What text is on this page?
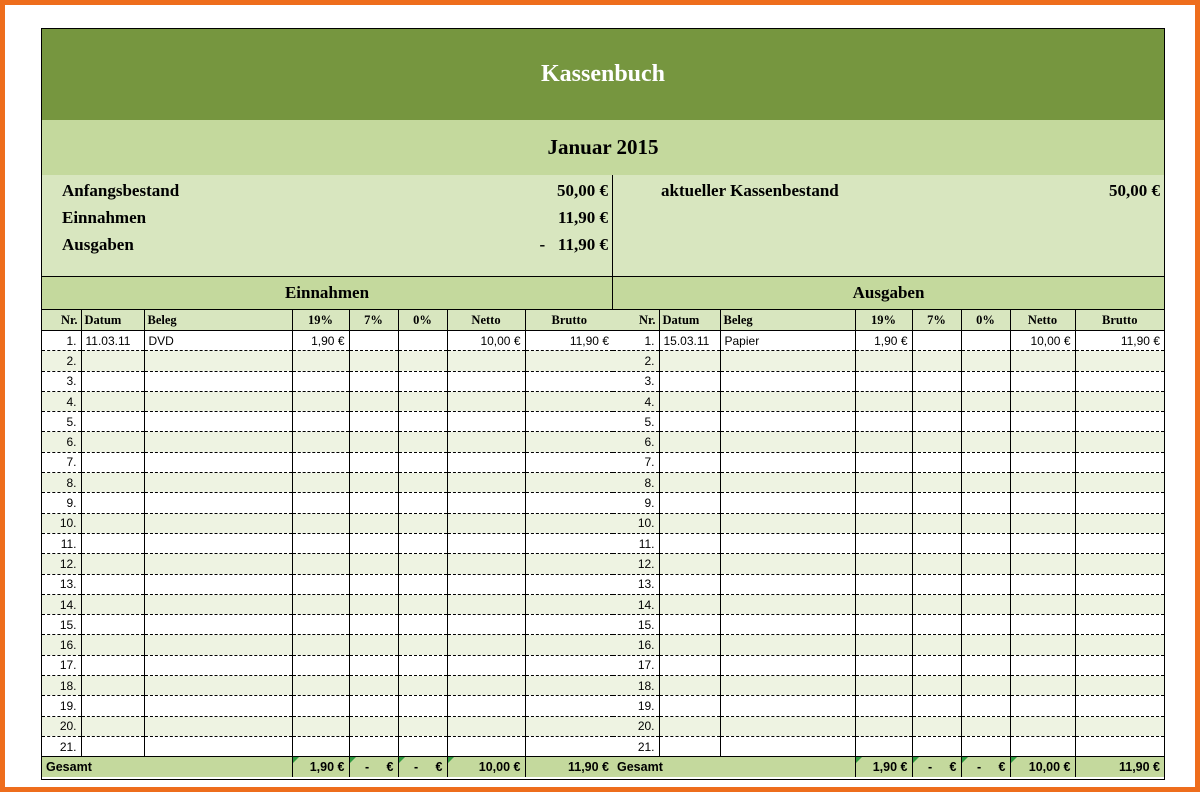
Kassenbuch
Januar 2015
Anfangsbestand	50,00 €
Einnahmen	11,90 €
Ausgaben	-   11,90 €
aktueller Kassenbestand	50,00 €
Einnahmen	Ausgaben
Nr.	Datum	Beleg	19%	7%	0%	Netto	Brutto
1.	11.03.11	DVD	1,90 €			10,00 €	11,90 €
2.							
3.							
4.							
5.							
6.							
7.							
8.							
9.							
10.							
11.							
12.							
13.							
14.							
15.							
16.							
17.							
18.							
19.							
20.							
21.							
Gesamt			1,90 €	-     €	-     €	10,00 €	11,90 €
Nr.	Datum	Beleg	19%	7%	0%	Netto	Brutto
1.	15.03.11	Papier	1,90 €			10,00 €	11,90 €
2.							
3.							
4.							
5.							
6.							
7.							
8.							
9.							
10.							
11.							
12.							
13.							
14.							
15.							
16.							
17.							
18.							
19.							
20.							
21.							
Gesamt			1,90 €	-     €	-     €	10,00 €	11,90 €
